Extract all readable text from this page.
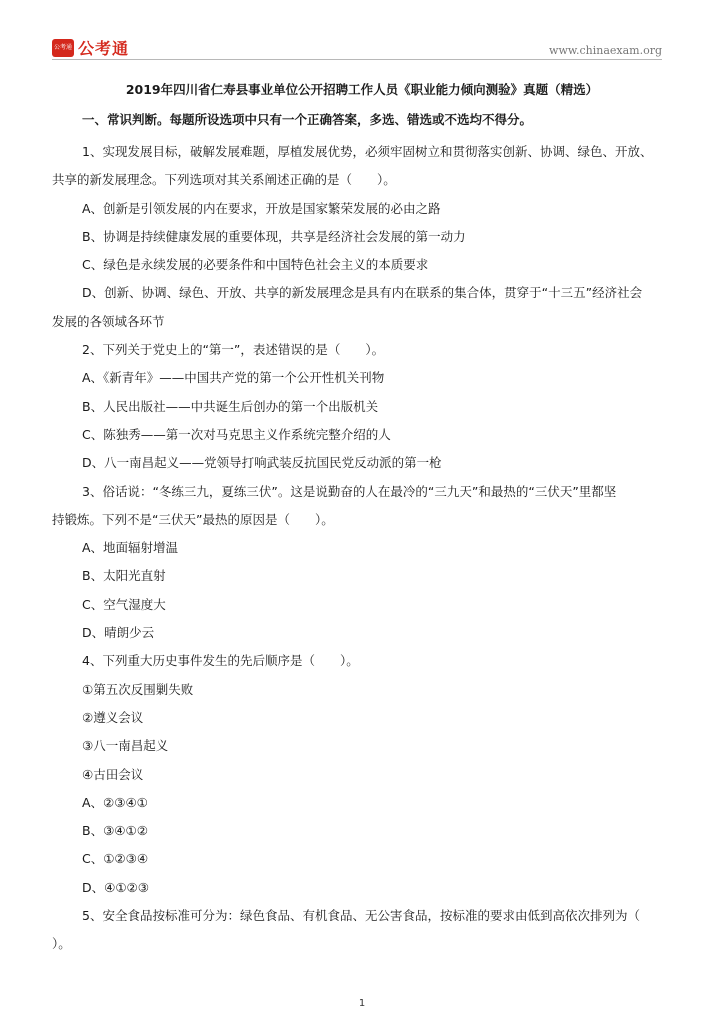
公考通 公考通	www.chinaexam.org
2019年四川省仁寿县事业单位公开招聘工作人员《职业能力倾向测验》真题（精选）
一、常识判断。每题所设选项中只有一个正确答案，多选、错选或不选均不得分。
1、实现发展目标，破解发展难题，厚植发展优势，必须牢固树立和贯彻落实创新、协调、绿色、开放、
共享的新发展理念。下列选项对其关系阐述正确的是（　　）。
A、创新是引领发展的内在要求，开放是国家繁荣发展的必由之路
B、协调是持续健康发展的重要体现，共享是经济社会发展的第一动力
C、绿色是永续发展的必要条件和中国特色社会主义的本质要求
D、创新、协调、绿色、开放、共享的新发展理念是具有内在联系的集合体，贯穿于“十三五”经济社会
发展的各领域各环节
2、下列关于党史上的“第一”，表述错误的是（　　）。
A、《新青年》——中国共产党的第一个公开性机关刊物
B、人民出版社——中共诞生后创办的第一个出版机关
C、陈独秀——第一次对马克思主义作系统完整介绍的人
D、八一南昌起义——党领导打响武装反抗国民党反动派的第一枪
3、俗话说：“冬练三九，夏练三伏”。这是说勤奋的人在最冷的“三九天”和最热的“三伏天”里都坚
持锻炼。下列不是“三伏天”最热的原因是（　　）。
A、地面辐射增温
B、太阳光直射
C、空气湿度大
D、晴朗少云
4、下列重大历史事件发生的先后顺序是（　　）。
①第五次反围剿失败
②遵义会议
③八一南昌起义
④古田会议
A、②③④①
B、③④①②
C、①②③④
D、④①②③
5、安全食品按标准可分为：绿色食品、有机食品、无公害食品，按标准的要求由低到高依次排列为（
）。
1
